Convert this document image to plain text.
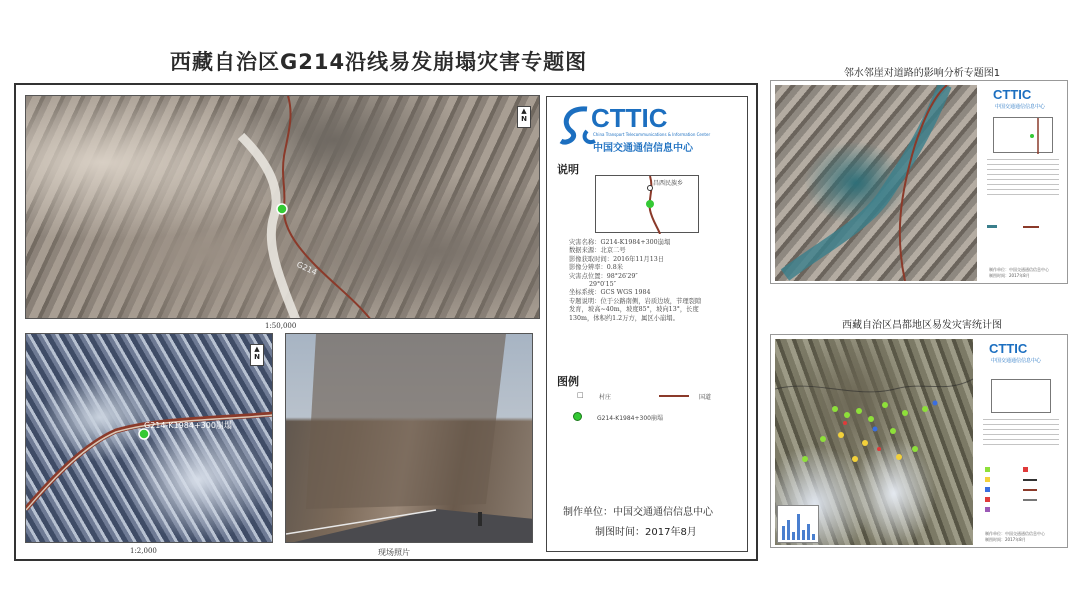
西藏自治区G214沿线易发崩塌灾害专题图
▲
N
G214
1:50,000
▲
N
G214-K1984+300崩塌
1:2,000	现场照片
CTTIC
China Transport Telecommunications & Information Center
中国交通通信信息中心
说明
昌西民族乡
灾害名称：G214-K1984+300崩塌
数据来源：北京二号
影像获取时间：2016年11月13日
影像分辨率：0.8米
灾害点位置：98°26′29″
29°0′15″
坐标系统：GCS WGS 1984
专题说明：位于公路南侧，岩质边坡，节理裂隙
发育，坡高~40m，坡度85°，坡向13°，长度
130m，体积约1.2万方，属区小崩塌。
图例
□	村庄	国道
G214-K1984+300崩塌
制作单位：中国交通通信信息中心
制图时间：2017年8月
邻水邻崖对道路的影响分析专题图1
CTTIC
中国交通通信信息中心
制作单位：中国交通通信信息中心
制图时间：2017年8月
西藏自治区昌都地区易发灾害统计图
CTTIC
中国交通通信信息中心
制作单位：中国交通通信信息中心
制图时间：2017年8月
